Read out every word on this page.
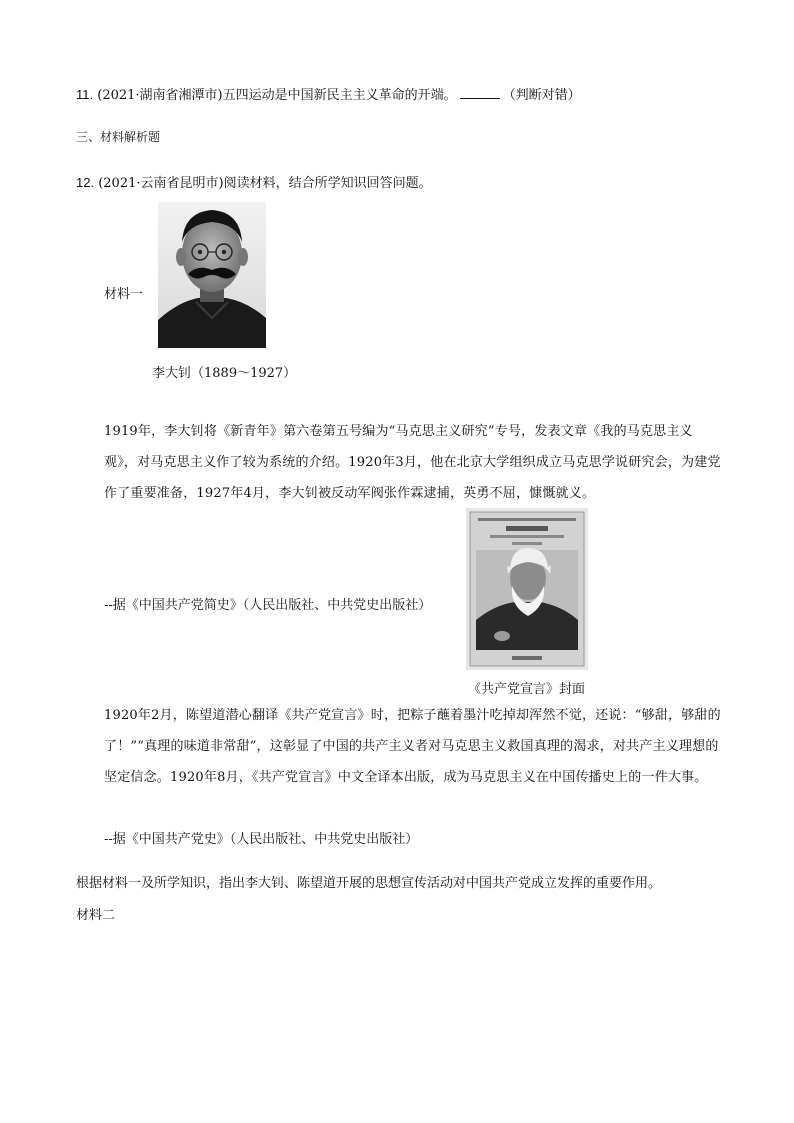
11. (2021·湖南省湘潭市)五四运动是中国新民主主义革命的开端。	（判断对错）
三、材料解析题
12. (2021·云南省昆明市)阅读材料，结合所学知识回答问题。
材料一
李大钊（1889～1927）
1919年，李大钊将《新青年》第六卷第五号编为“马克思主义研究”专号，发表文章《我的马克思主义观》，对马克思主义作了较为系统的介绍。1920年3月，他在北京大学组织成立马克思学说研究会，为建党作了重要准备，1927年4月，李大钊被反动军阀张作霖逮捕，英勇不屈，慷慨就义。
--据《中国共产党简史》（人民出版社、中共党史出版社）
《共产党宣言》封面
1920年2月，陈望道潜心翻译《共产党宣言》时，把粽子蘸着墨汁吃掉却浑然不觉，还说：“够甜，够甜的了！”“真理的味道非常甜”，这彰显了中国的共产主义者对马克思主义救国真理的渴求，对共产主义理想的坚定信念。1920年8月，《共产党宣言》中文全译本出版，成为马克思主义在中国传播史上的一件大事。
--据《中国共产党史》（人民出版社、中共党史出版社）
根据材料一及所学知识，指出李大钊、陈望道开展的思想宣传活动对中国共产党成立发挥的重要作用。
材料二
